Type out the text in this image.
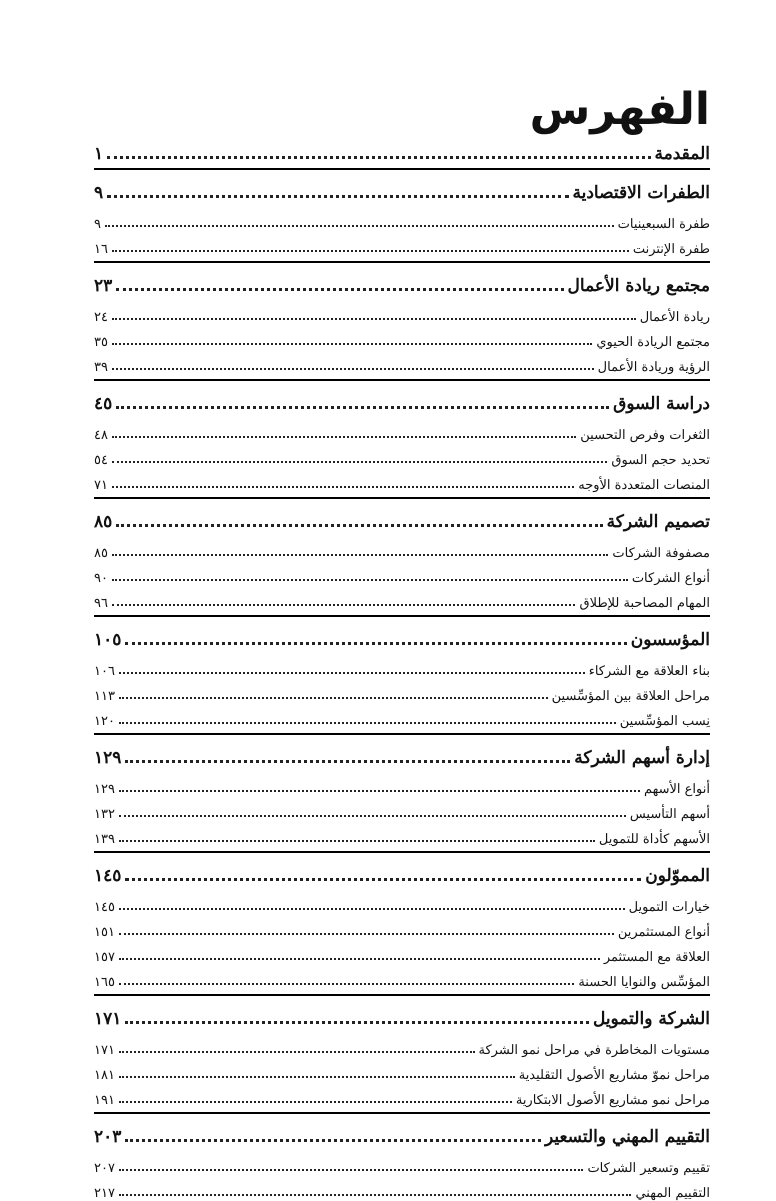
الفهرس
المقدمة
١
الطفرات الاقتصادية
٩
طفرة السبعينيات
٩
طفرة الإنترنت
١٦
مجتمع ريادة الأعمال
٢٣
ريادة الأعمال
٢٤
مجتمع الريادة الحيوي
٣٥
الرؤية وريادة الأعمال
٣٩
دراسة السوق
٤٥
الثغرات وفرص التحسين
٤٨
تحديد حجم السوق
٥٤
المنصات المتعددة الأوجه
٧١
تصميم الشركة
٨٥
مصفوفة الشركات
٨٥
أنواع الشركات
٩٠
المهام المصاحبة للإطلاق
٩٦
المؤسسون
١٠٥
بناء العلاقة مع الشركاء
١٠٦
مراحل العلاقة بين المؤسِّسين
١١٣
نِسب المؤسِّسين
١٢٠
إدارة أسهم الشركة
١٢٩
أنواع الأسهم
١٢٩
أسهم التأسيس
١٣٢
الأسهم كأداة للتمويل
١٣٩
المموّلون
١٤٥
خيارات التمويل
١٤٥
أنواع المستثمرين
١٥١
العلاقة مع المستثمر
١٥٧
المؤسِّس والنوايا الحسنة
١٦٥
الشركة والتمويل
١٧١
مستويات المخاطرة في مراحل نمو الشركة
١٧١
مراحل نموّ مشاريع الأصول التقليدية
١٨١
مراحل نمو مشاريع الأصول الابتكارية
١٩١
التقييم المهني والتسعير
٢٠٣
تقييم وتسعير الشركات
٢٠٧
التقييم المهني
٢١٧
